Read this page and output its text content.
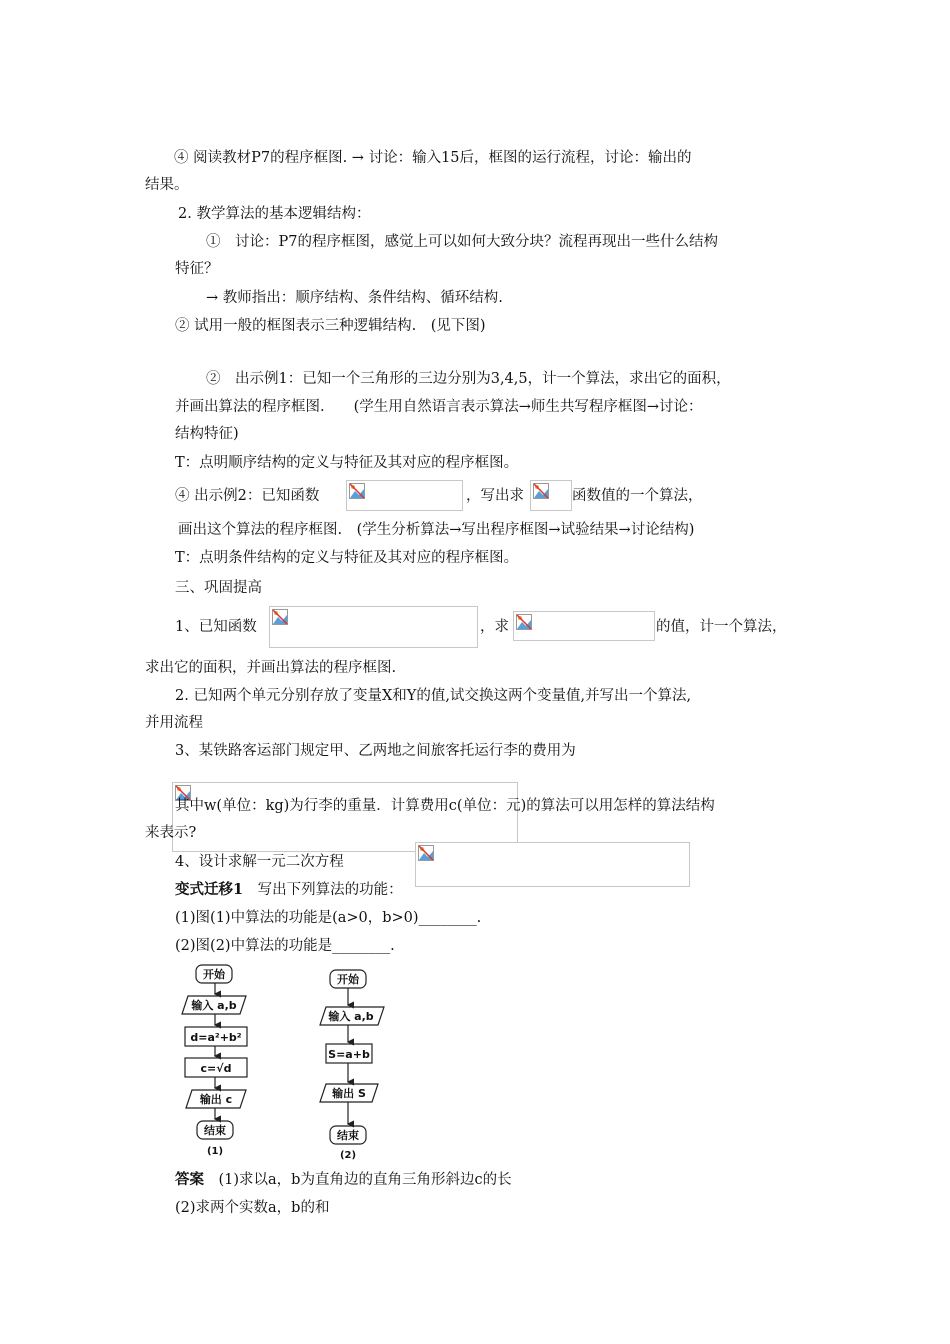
④ 阅读教材P7的程序框图. → 讨论：输入15后，框图的运行流程，讨论：输出的
结果。
2. 教学算法的基本逻辑结构：
①　讨论：P7的程序框图，感觉上可以如何大致分块？流程再现出一些什么结构
特征？
→ 教师指出：顺序结构、条件结构、循环结构.
② 试用一般的框图表示三种逻辑结构.　(见下图)
②　出示例1：已知一个三角形的三边分别为3,4,5，计一个算法，求出它的面积，
并画出算法的程序框图.　　(学生用自然语言表示算法→师生共写程序框图→讨论：
结构特征)
T：点明顺序结构的定义与特征及其对应的程序框图。
④ 出示例2：已知函数	，写出求	函数值的一个算法，
画出这个算法的程序框图.　(学生分析算法→写出程序框图→试验结果→讨论结构)
T：点明条件结构的定义与特征及其对应的程序框图。
三、巩固提高
1、已知函数	，求	的值，计一个算法，
求出它的面积，并画出算法的程序框图.
2. 已知两个单元分别存放了变量X和Y的值,试交换这两个变量值,并写出一个算法,
并用流程
3、某铁路客运部门规定甲、乙两地之间旅客托运行李的费用为
其中w(单位：kg)为行李的重量．计算费用c(单位：元)的算法可以用怎样的算法结构
来表示?
4、设计求解一元二次方程
变式迁移1　写出下列算法的功能：
(1)图(1)中算法的功能是(a>0，b>0)________.
(2)图(2)中算法的功能是________.
开始
输入 a,b
d=a²+b²
c=√d
输出 c
结束
(1)
开始
输入 a,b
S=a+b
输出 S
结束
(2)
答案　(1)求以a，b为直角边的直角三角形斜边c的长
(2)求两个实数a，b的和
